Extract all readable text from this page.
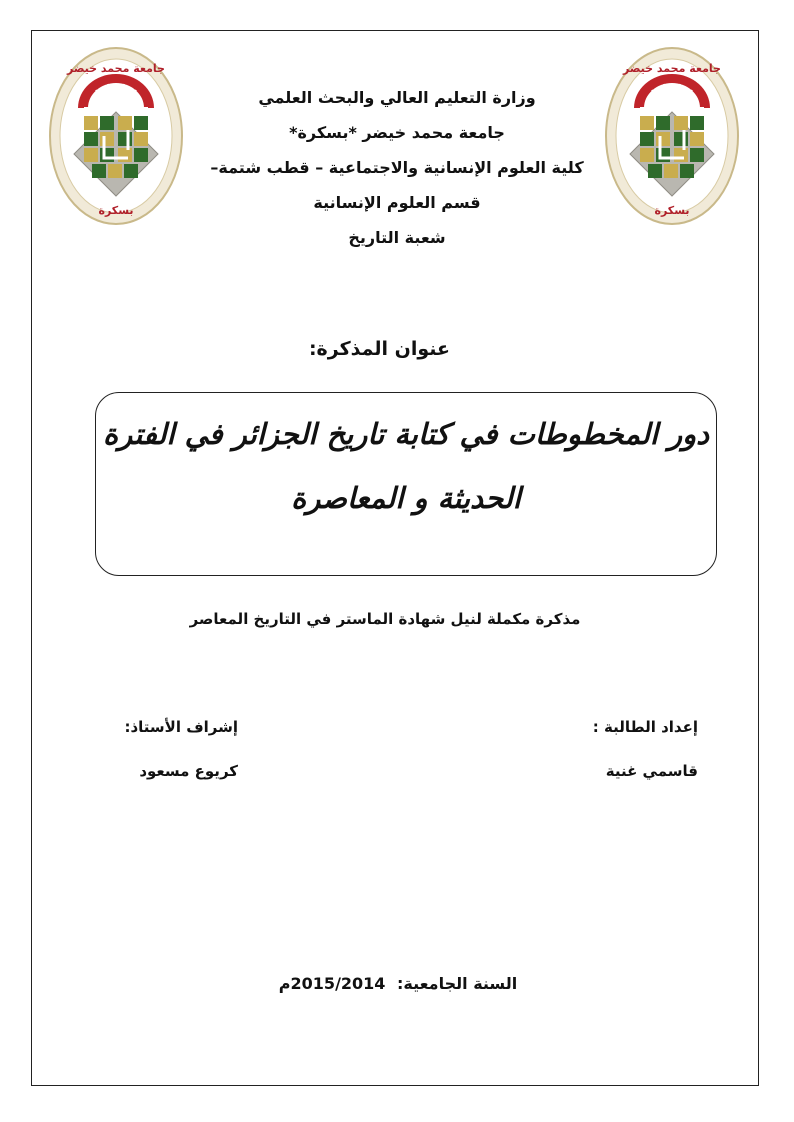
جامعة محمد خيضر
بسكرة
جامعة محمد خيضر
بسكرة
وزارة التعليم العالي والبحث العلمي
جامعة محمد خيضر *بسكرة*
كلية العلوم الإنسانية والاجتماعية – قطب شتمة–
قسم العلوم الإنسانية
شعبة التاريخ
عنوان المذكرة:
دور المخطوطات في كتابة تاريخ الجزائر في الفترة
الحديثة و المعاصرة
مذكرة مكملة لنيل شهادة الماستر في التاريخ المعاصر
إعداد الطالبة :
قاسمي غنية
إشراف الأستاذ:
كريوع مسعود
السنة الجامعية: 2015/2014م
